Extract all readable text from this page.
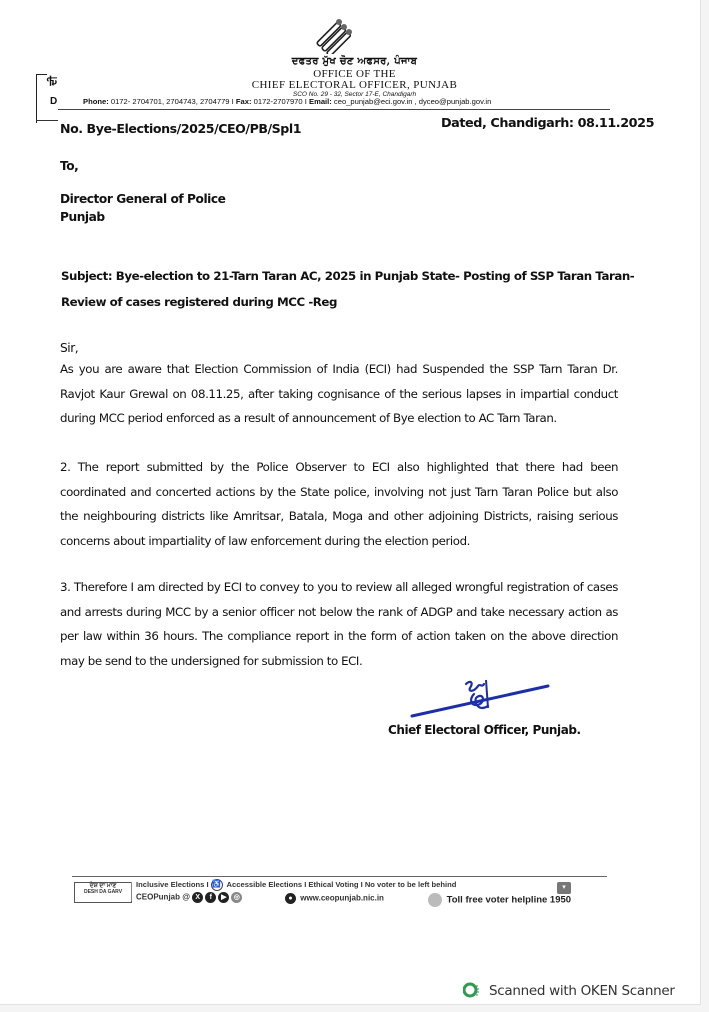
ਦਫਤਰ ਮੁੱਖ ਚੋਣ ਅਫਸਰ, ਪੰਜਾਬ
OFFICE OF THE
CHIEF ELECTORAL OFFICER, PUNJAB
SCO No. 29 - 32, Sector 17-E, Chandigarh
ਦੀ
D	Phone: 0172- 2704701, 2704743, 2704779 I Fax: 0172-2707970 I Email: ceo_punjab@eci.gov.in , dyceo@punjab.gov.in
No. Bye-Elections/2025/CEO/PB/Spl1	Dated, Chandigarh: 08.11.2025
To,
Director General of Police
Punjab
Subject: Bye-election to 21-Tarn Taran AC, 2025 in Punjab State- Posting of SSP Taran Taran-
Review of cases registered during MCC -Reg
Sir,
As you are aware that Election Commission of India (ECI) had Suspended the SSP Tarn Taran Dr. Ravjot Kaur Grewal on 08.11.25, after taking cognisance of the serious lapses in impartial conduct during MCC period enforced as a result of announcement of Bye election to AC Tarn Taran.
2. The report submitted by the Police Observer to ECI also highlighted that there had been coordinated and concerted actions by the State police, involving not just Tarn Taran Police but also the neighbouring districts like Amritsar, Batala, Moga and other adjoining Districts, raising serious concerns about impartiality of law enforcement during the election period.
3. Therefore I am directed by ECI to convey to you to review all alleged wrongful registration of cases and arrests during MCC by a senior officer not below the rank of ADGP and take necessary action as per law within 36 hours. The compliance report in the form of action taken on the above direction may be send to the undersigned for submission to ECI.
Chief Electoral Officer, Punjab.
ਦੇਸ਼ ਦਾ ਮਾਣ
DESH DA GARV
Inclusive Elections I ♿ Accessible Elections I Ethical Voting I No voter to be left behind	▾
CEOPunjab @ X f ▶ ◎	● www.ceopunjab.nic.in	Toll free voter helpline 1950
Scanned with OKEN Scanner
